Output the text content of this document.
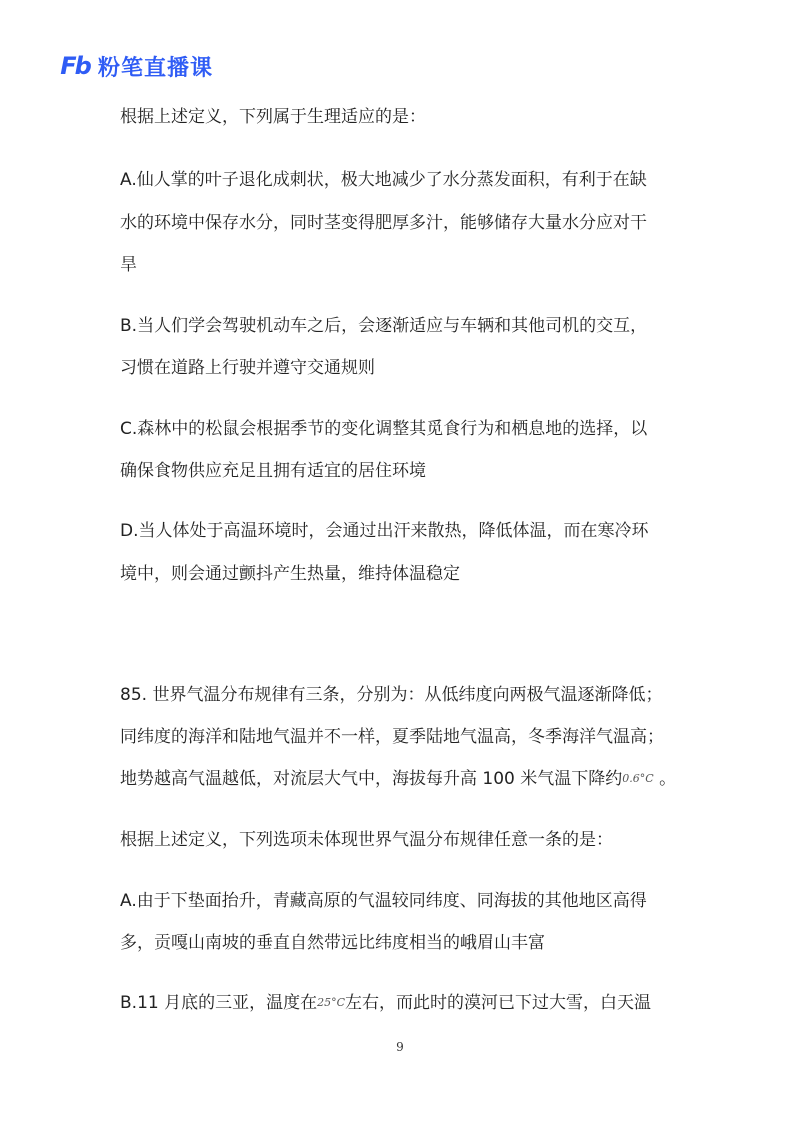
Fb 粉笔直播课
根据上述定义，下列属于生理适应的是：
A.仙人掌的叶子退化成刺状，极大地减少了水分蒸发面积，有利于在缺
水的环境中保存水分，同时茎变得肥厚多汁，能够储存大量水分应对干
旱
B.当人们学会驾驶机动车之后，会逐渐适应与车辆和其他司机的交互，
习惯在道路上行驶并遵守交通规则
C.森林中的松鼠会根据季节的变化调整其觅食行为和栖息地的选择，以
确保食物供应充足且拥有适宜的居住环境
D.当人体处于高温环境时，会通过出汗来散热，降低体温，而在寒冷环
境中，则会通过颤抖产生热量，维持体温稳定
85. 世界气温分布规律有三条，分别为：从低纬度向两极气温逐渐降低；
同纬度的海洋和陆地气温并不一样，夏季陆地气温高，冬季海洋气温高；
地势越高气温越低，对流层大气中，海拔每升高 100 米气温下降约0.6°C 。
根据上述定义，下列选项未体现世界气温分布规律任意一条的是：
A.由于下垫面抬升，青藏高原的气温较同纬度、同海拔的其他地区高得
多，贡嘎山南坡的垂直自然带远比纬度相当的峨眉山丰富
B.11 月底的三亚，温度在25°C左右，而此时的漠河已下过大雪，白天温
9
